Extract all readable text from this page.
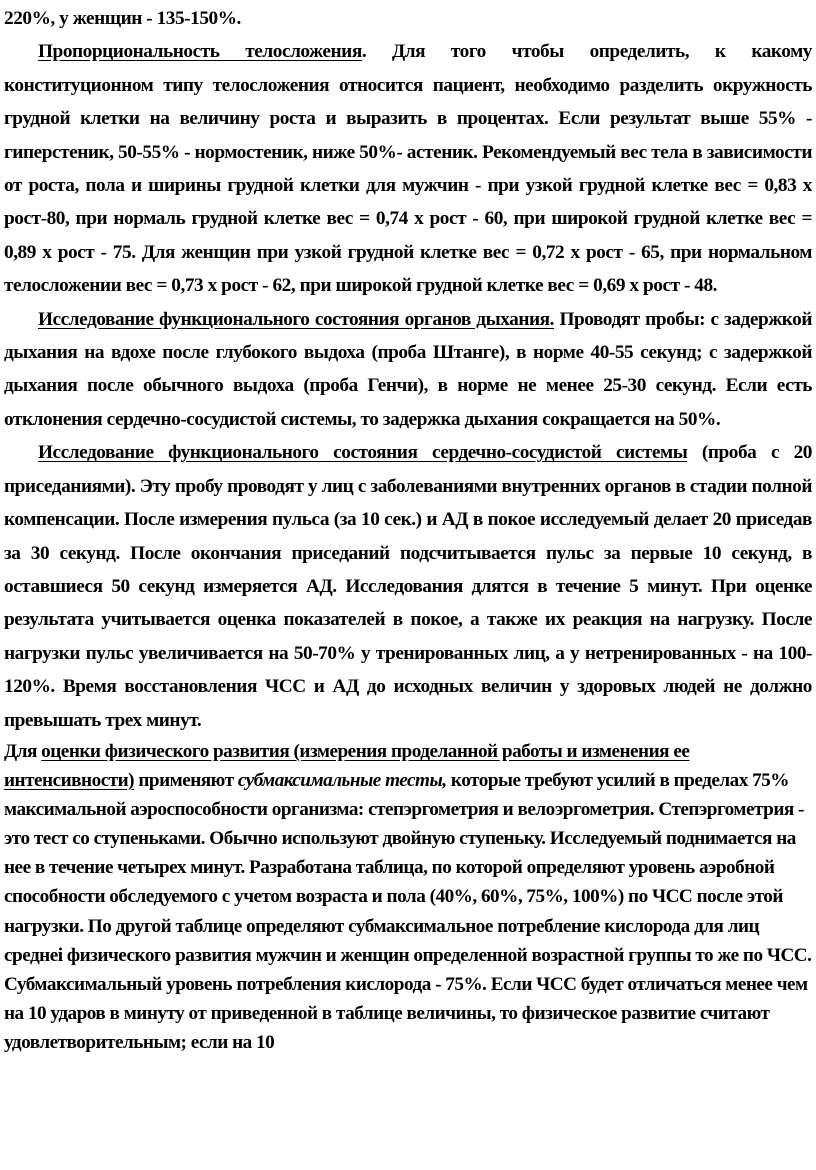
220%, у женщин - 135-150%.

Пропорциональность телосложения. Для того чтобы определить, к какому конституционном типу телосложения относится пациент, необходимо разделить окружность грудной клетки на величину роста и выразить в процентах. Если результат выше 55% - гиперстеник, 50-55% - нормостеник, ниже 50%- астеник. Рекомендуемый вес тела в зависимости от роста, пола и ширины грудной клетки для мужчин - при узкой грудной клетке вес = 0,83 х рост-80, при нормаль грудной клетке вес = 0,74 х рост - 60, при широкой грудной клетке вес = 0,89 х рост - 75. Для женщин при узкой грудной клетке вес = 0,72 х рост - 65, при нормальном телосложении вес = 0,73 х рост - 62, при широкой грудной клетке вес = 0,69 х рост - 48.

Исследование функционального состояния органов дыхания. Проводят пробы: с задержкой дыхания на вдохе после глубокого выдоха (проба Штанге), в норме 40-55 секунд; с задержкой дыхания после обычного выдоха (проба Генчи), в норме не менее 25-30 секунд. Если есть отклонения сердечно-сосудистой системы, то задержка дыхания сокращается на 50%.

Исследование функционального состояния сердечно-сосудистой системы (проба с 20 приседаниями). Эту пробу проводят у лиц с заболеваниями внутренних органов в стадии полной компенсации. После измерения пульса (за 10 сек.) и АД в покое исследуемый делает 20 приседав за 30 секунд. После окончания приседаний подсчитывается пульс за первые 10 секунд, в оставшиеся 50 секунд измеряется АД. Исследования длятся в течение 5 минут. При оценке результата учитывается оценка показателей в покое, а также их реакция на нагрузку. После нагрузки пульс увеличивается на 50-70% у тренированных лиц, а у нетренированных - на 100-120%. Время восстановления ЧСС и АД до исходных величин у здоровых людей не должно превышать трех минут.

Для оценки физического развития (измерения проделанной работы и изменения ее интенсивности) применяют субмаксимальные тесты, которые требуют усилий в пределах 75% максимальной аэроспособности организма: степэргометрия и велоэргометрия. Степэргометрия - это тест со ступеньками. Обычно используют двойную ступеньку. Исследуемый поднимается на нее в течение четырех минут. Разработана таблица, по которой определяют уровень аэробной способности обследуемого с учетом возраста и пола (40%, 60%, 75%, 100%) по ЧСС после этой нагрузки. По другой таблице определяют субмаксимальное потребление кислорода для лиц среднеi физического развития мужчин и женщин определенной возрастной группы то же по ЧСС. Субмаксимальный уровень потребления кислорода - 75%. Если ЧСС будет отличаться менее чем на 10 ударов в минуту от приведенной в таблице величины, то физическое развитие считают удовлетворительным; если на 10
